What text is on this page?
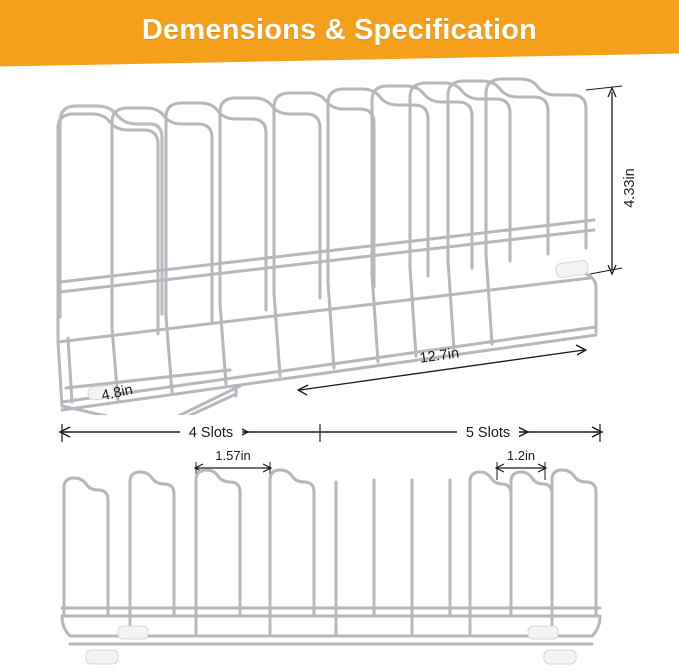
Demensions & Specification
4.33in
12.7in
4.8in
4 Slots	5 Slots
1.57in	1.2in
